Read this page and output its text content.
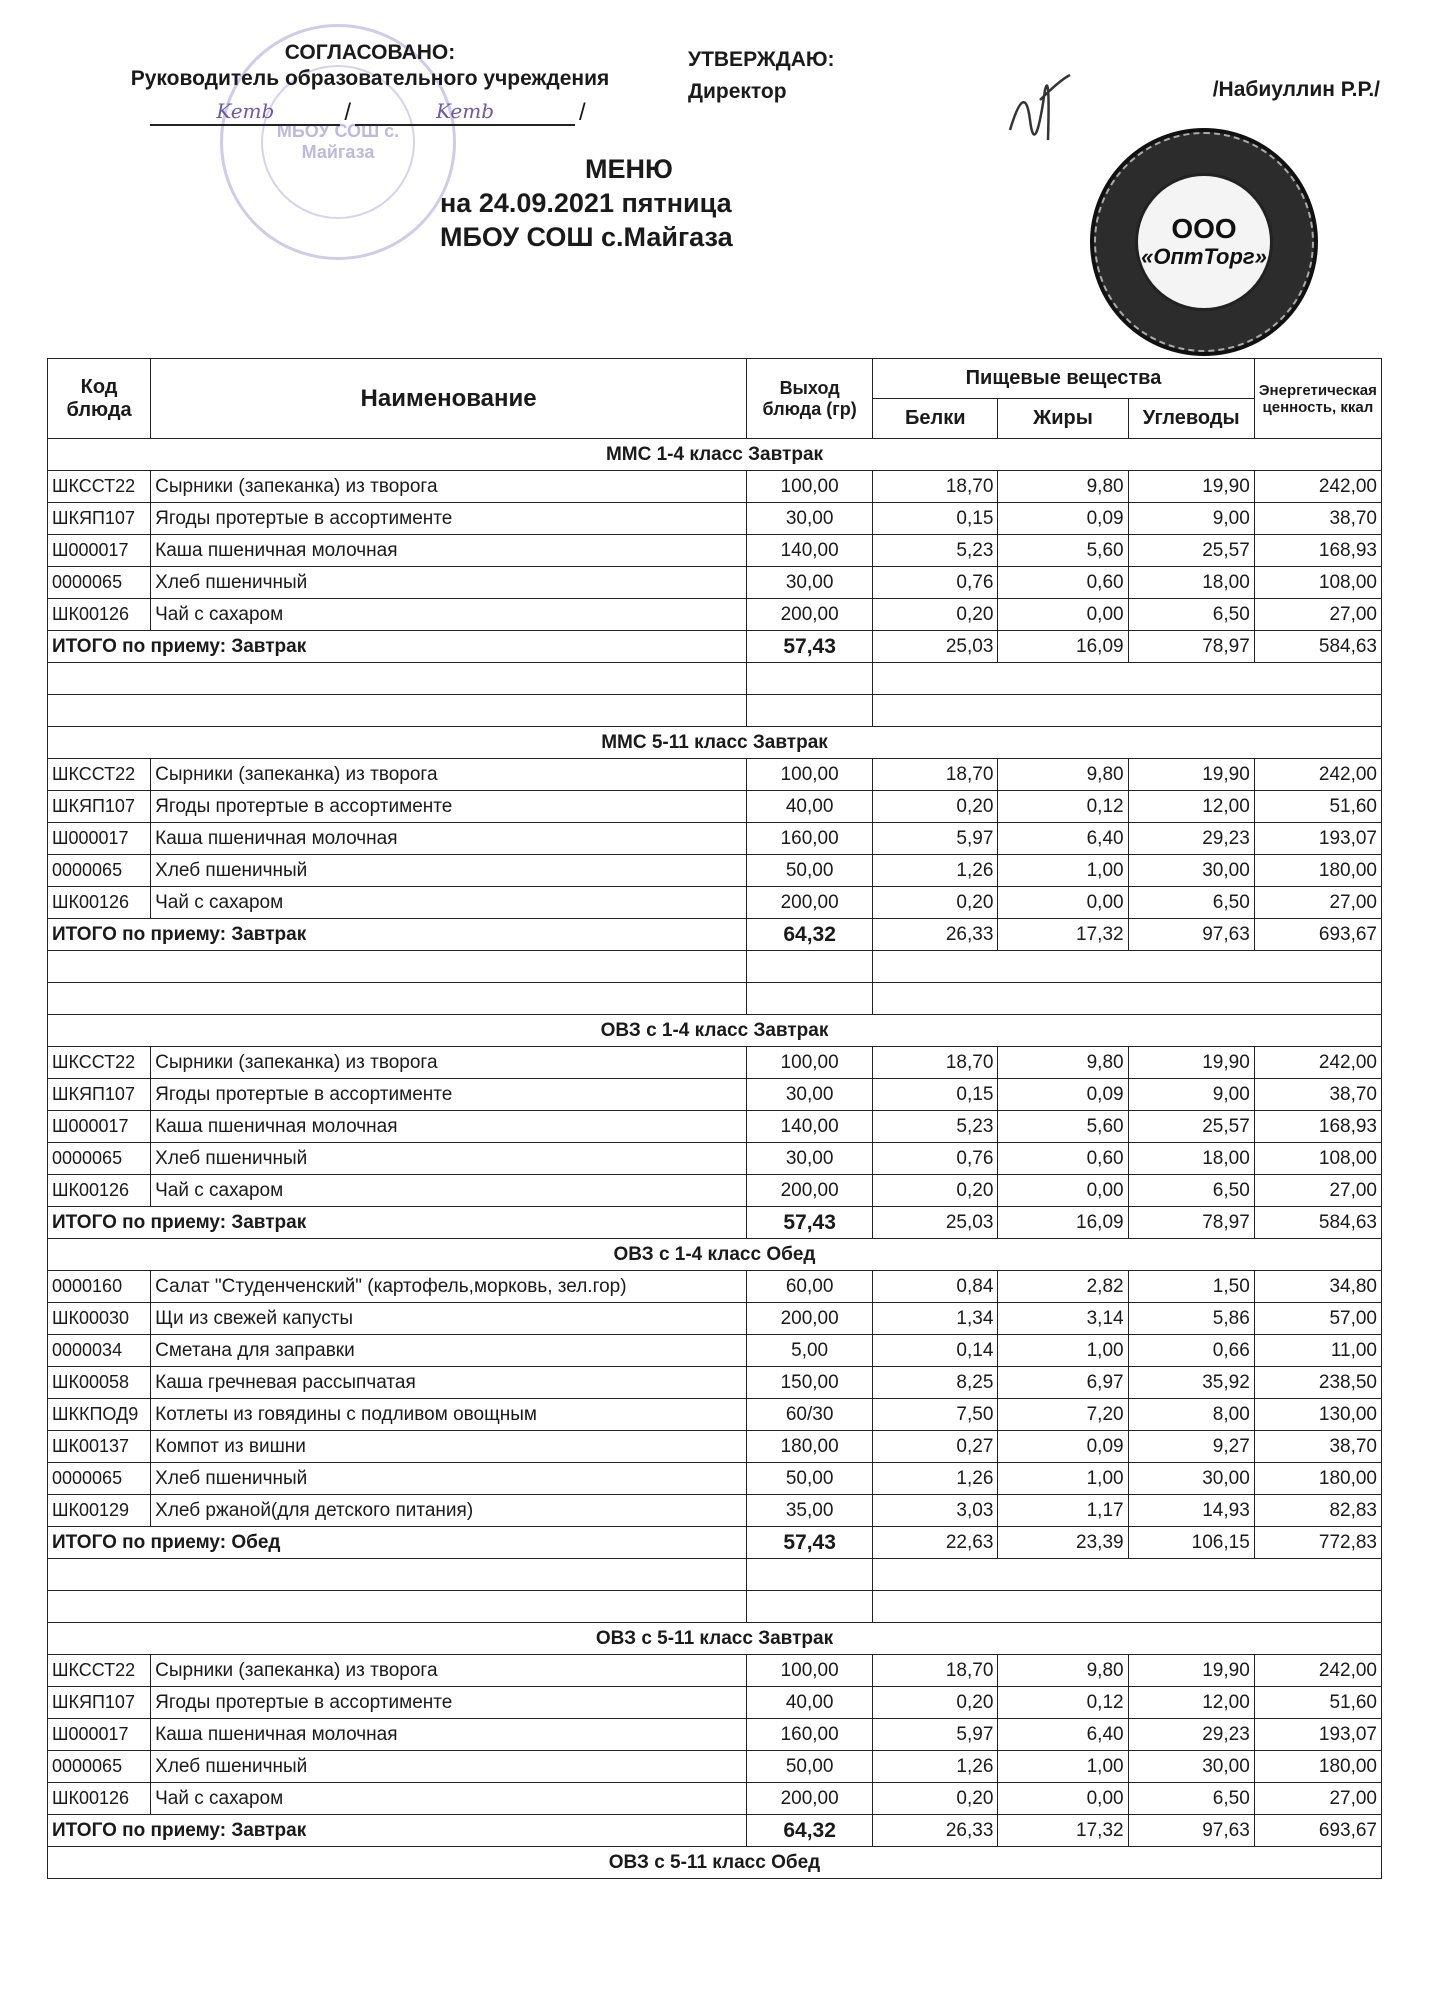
МБОУ СОШ с. Майгаза
ООО
«ОптТорг»
СОГЛАСОВАНО:
Руководитель образовательного учреждения
Kemb	/	Kemb	/
УТВЕРЖДАЮ:
Директор	/Набиуллин Р.Р./
МЕНЮ
на 24.09.2021 пятница
МБОУ СОШ с.Майгаза
Код блюда	Наименование	Выход блюда (гр)	Пищевые вещества			Энергетическая ценность, ккал
			Белки	Жиры	Углеводы	
ММС 1-4 класс Завтрак						
ШКССТ22	Сырники (запеканка) из творога	100,00	18,70	9,80	19,90	242,00
ШКЯП107	Ягоды протертые в ассортименте	30,00	0,15	0,09	9,00	38,70
Ш000017	Каша пшеничная молочная	140,00	5,23	5,60	25,57	168,93
0000065	Хлеб пшеничный	30,00	0,76	0,60	18,00	108,00
ШК00126	Чай с сахаром	200,00	0,20	0,00	6,50	27,00
ИТОГО по приему: Завтрак		57,43	25,03	16,09	78,97	584,63

ММС 5-11 класс Завтрак						
ШКССТ22	Сырники (запеканка) из творога	100,00	18,70	9,80	19,90	242,00
ШКЯП107	Ягоды протертые в ассортименте	40,00	0,20	0,12	12,00	51,60
Ш000017	Каша пшеничная молочная	160,00	5,97	6,40	29,23	193,07
0000065	Хлеб пшеничный	50,00	1,26	1,00	30,00	180,00
ШК00126	Чай с сахаром	200,00	0,20	0,00	6,50	27,00
ИТОГО по приему: Завтрак		64,32	26,33	17,32	97,63	693,67

ОВЗ с 1-4 класс Завтрак						
ШКССТ22	Сырники (запеканка) из творога	100,00	18,70	9,80	19,90	242,00
ШКЯП107	Ягоды протертые в ассортименте	30,00	0,15	0,09	9,00	38,70
Ш000017	Каша пшеничная молочная	140,00	5,23	5,60	25,57	168,93
0000065	Хлеб пшеничный	30,00	0,76	0,60	18,00	108,00
ШК00126	Чай с сахаром	200,00	0,20	0,00	6,50	27,00
ИТОГО по приему: Завтрак		57,43	25,03	16,09	78,97	584,63
ОВЗ с 1-4 класс Обед						
0000160	Салат "Студенченский" (картофель,морковь, зел.гор)	60,00	0,84	2,82	1,50	34,80
ШК00030	Щи из свежей капусты	200,00	1,34	3,14	5,86	57,00
0000034	Сметана для заправки	5,00	0,14	1,00	0,66	11,00
ШК00058	Каша гречневая рассыпчатая	150,00	8,25	6,97	35,92	238,50
ШККПОД9	Котлеты из говядины с подливом овощным	60/30	7,50	7,20	8,00	130,00
ШК00137	Компот из вишни	180,00	0,27	0,09	9,27	38,70
0000065	Хлеб пшеничный	50,00	1,26	1,00	30,00	180,00
ШК00129	Хлеб ржаной(для детского питания)	35,00	3,03	1,17	14,93	82,83
ИТОГО по приему: Обед		57,43	22,63	23,39	106,15	772,83

ОВЗ с 5-11 класс Завтрак						
ШКССТ22	Сырники (запеканка) из творога	100,00	18,70	9,80	19,90	242,00
ШКЯП107	Ягоды протертые в ассортименте	40,00	0,20	0,12	12,00	51,60
Ш000017	Каша пшеничная молочная	160,00	5,97	6,40	29,23	193,07
0000065	Хлеб пшеничный	50,00	1,26	1,00	30,00	180,00
ШК00126	Чай с сахаром	200,00	0,20	0,00	6,50	27,00
ИТОГО по приему: Завтрак		64,32	26,33	17,32	97,63	693,67
ОВЗ с 5-11 класс Обед						
